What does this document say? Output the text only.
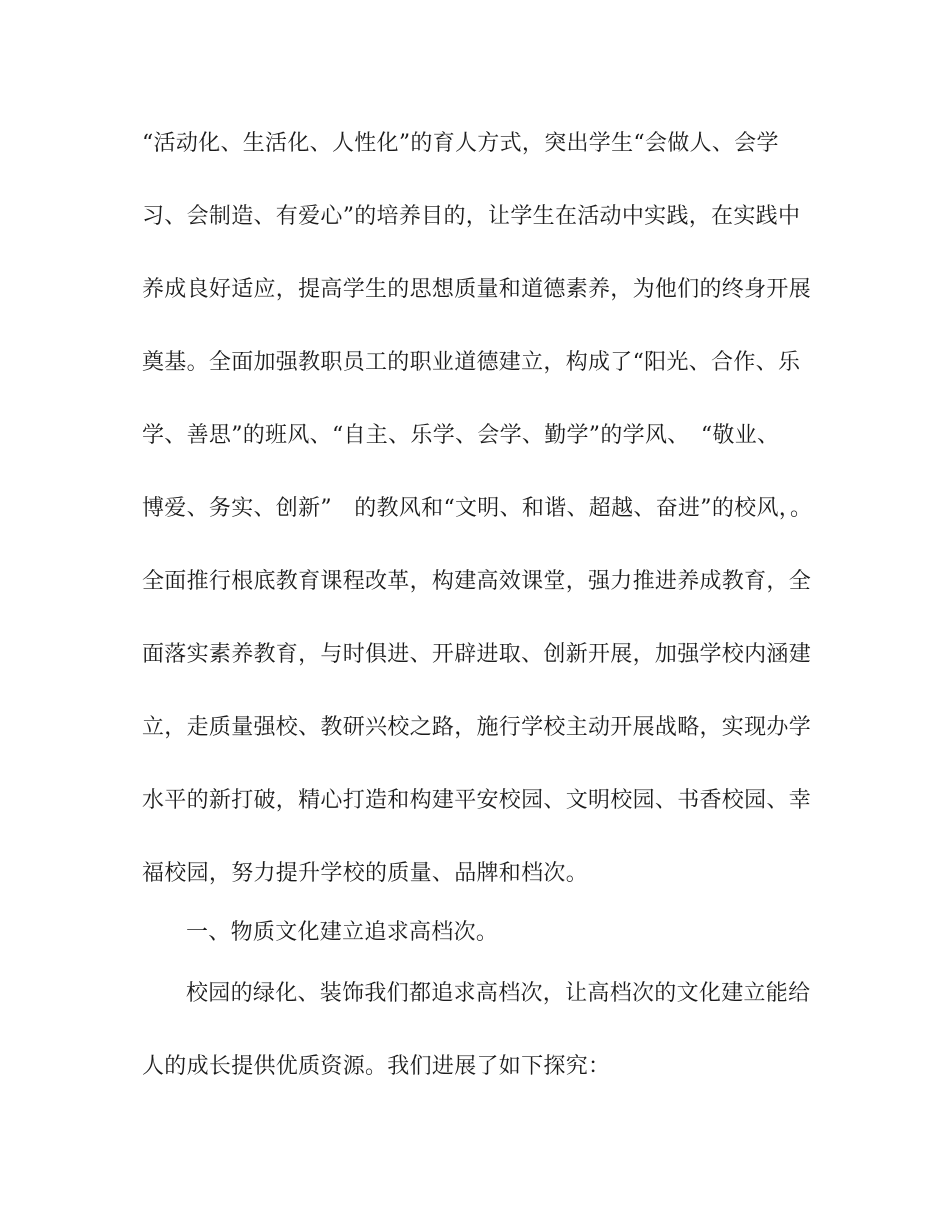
“活动化、生活化、人性化”的育人方式，突出学生“会做人、会学

习、会制造、有爱心”的培养目的，让学生在活动中实践，在实践中

养成良好适应，提高学生的思想质量和道德素养，为他们的终身开展

奠基。全面加强教职员工的职业道德建立，构成了“阳光、合作、乐

学、善思”的班风、“自主、乐学、会学、勤学”的学风、　“敬业、

博爱、务实、创新”　的教风和“文明、和谐、超越、奋进”的校风，。

全面推行根底教育课程改革，构建高效课堂，强力推进养成教育，全

面落实素养教育，与时俱进、开辟进取、创新开展，加强学校内涵建

立，走质量强校、教研兴校之路，施行学校主动开展战略，实现办学

水平的新打破，精心打造和构建平安校园、文明校园、书香校园、幸

福校园，努力提升学校的质量、品牌和档次。

一、物质文化建立追求高档次。

校园的绿化、装饰我们都追求高档次，让高档次的文化建立能给

人的成长提供优质资源。我们进展了如下探究：
